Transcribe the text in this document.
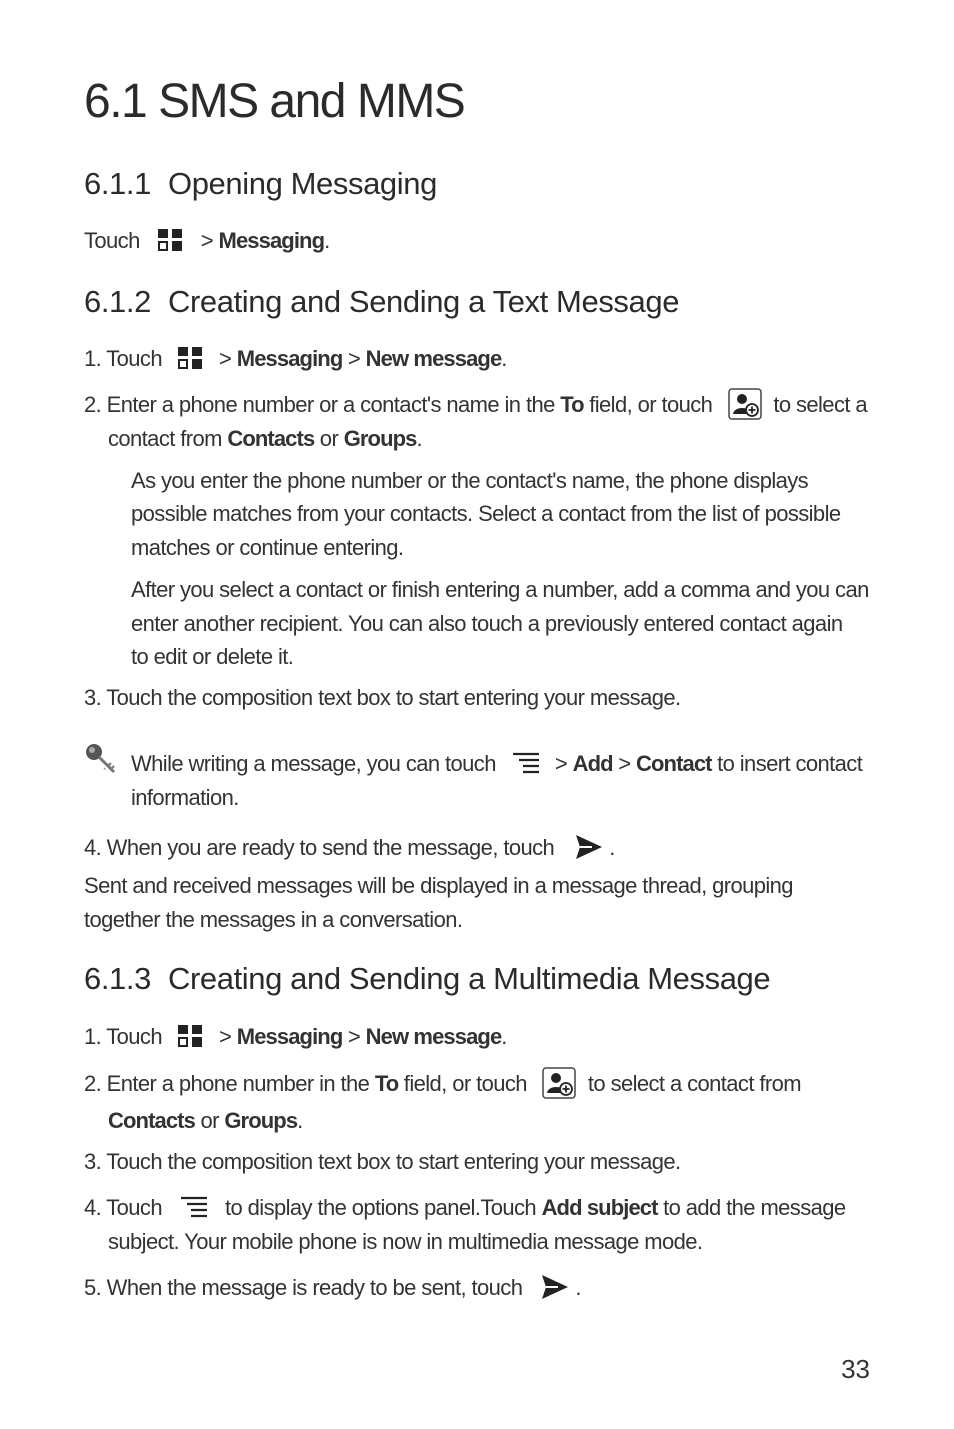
6.1 SMS and MMS
6.1.1 Opening Messaging

Touch	> Messaging.

6.1.2 Creating and Sending a Text Message

1. Touch  > Messaging > New message.

2. Enter a phone number or a contact's name in the To field, or touch	to select a

contact from Contacts or Groups.

As you enter the phone number or the contact's name, the phone displays

possible matches from your contacts. Select a contact from the list of possible

matches or continue entering.

After you select a contact or finish entering a number, add a comma and you can

enter another recipient. You can also touch a previously entered contact again

to edit or delete it.

3. Touch the composition text box to start entering your message.

While writing a message, you can touch  > Add > Contact to insert contact

information.

4. When you are ready to send the message, touch  .

Sent and received messages will be displayed in a message thread, grouping

together the messages in a conversation.

6.1.3 Creating and Sending a Multimedia Message

1. Touch  > Messaging > New message.

2. Enter a phone number in the To field, or touch	to select a contact from

Contacts or Groups.

3. Touch the composition text box to start entering your message.

4. Touch	to display the options panel.Touch Add subject to add the message

subject. Your mobile phone is now in multimedia message mode.

5. When the message is ready to be sent, touch  .

33
